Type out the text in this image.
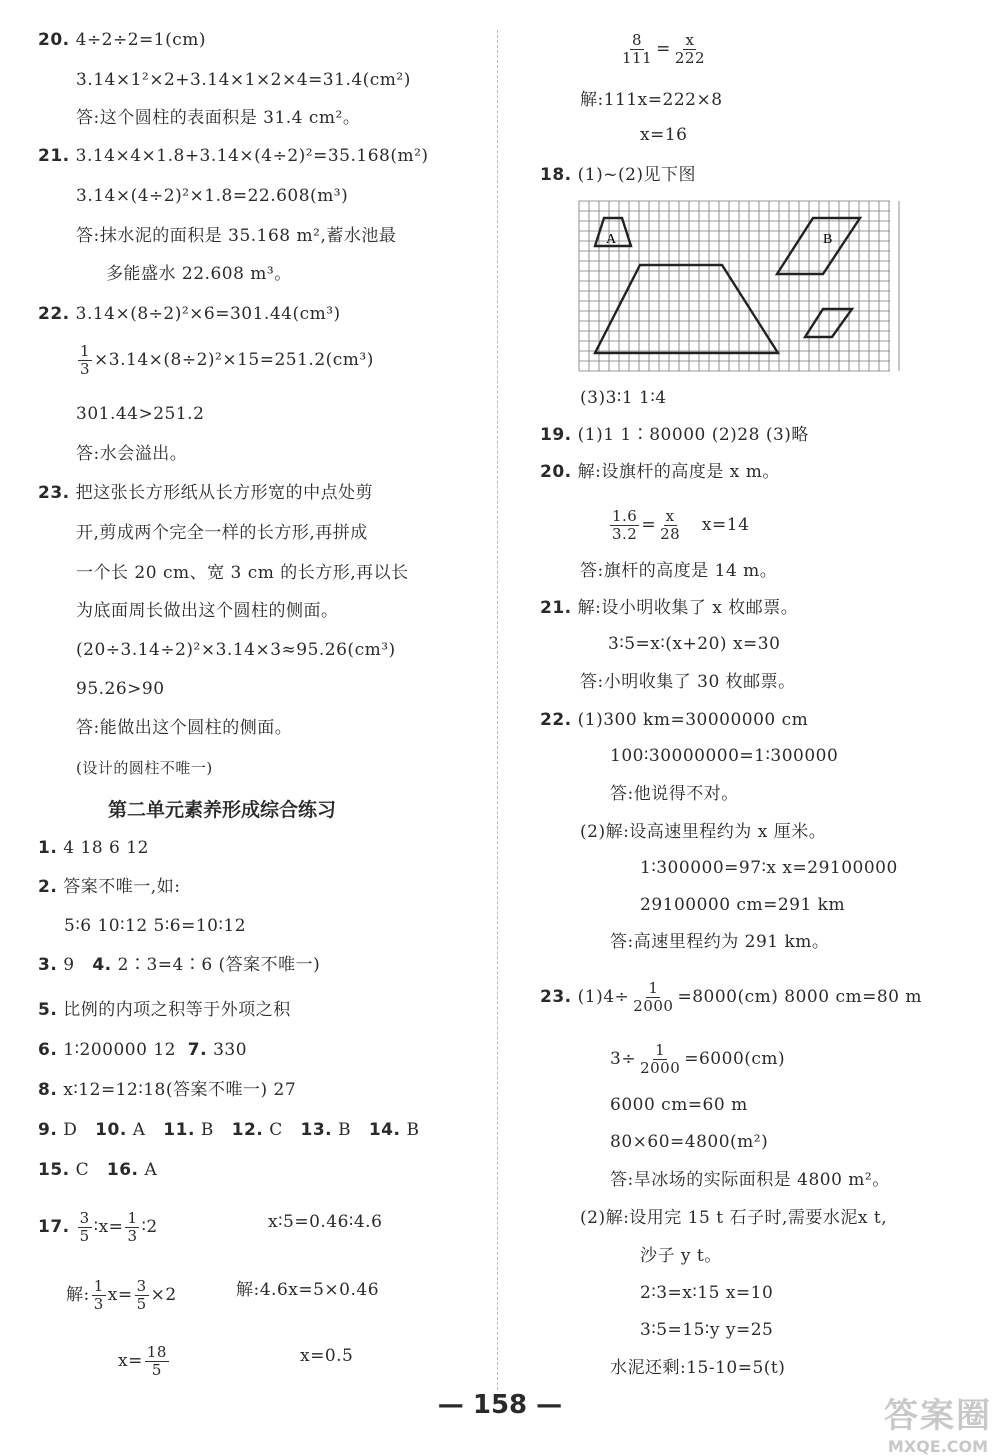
20. 4÷2÷2=1(cm)
3.14×1²×2+3.14×1×2×4=31.4(cm²)
答:这个圆柱的表面积是 31.4 cm²。
21. 3.14×4×1.8+3.14×(4÷2)²=35.168(m²)
3.14×(4÷2)²×1.8=22.608(m³)
答:抹水泥的面积是 35.168 m²,蓄水池最
多能盛水 22.608 m³。
22. 3.14×(8÷2)²×6=301.44(cm³)
$\frac{1}{3} \times 3.14\times(8\div 2)^2\times 15=251.2(cm^3)$
301.44>251.2
答:水会溢出。
23. 把这张长方形纸从长方形宽的中点处剪
开,剪成两个完全一样的长方形,再拼成
一个长 20 cm、宽 3 cm 的长方形,再以长
为底面周长做出这个圆柱的侧面。
(20÷3.14÷2)²×3.14×3≈95.26(cm³)
95.26>90
答:能做出这个圆柱的侧面。
(设计的圆柱不唯一)
第二单元素养形成综合练习
1. 4 18 6 12
2. 答案不唯一,如:
5∶6 10∶12 5∶6=10∶12
3. 9 4. 2∶3=4∶6 (答案不唯一)
5. 比例的内项之积等于外项之积
6. 1∶200000 12 7. 330
8. x∶12=12∶18(答案不唯一) 27
9. D 10. A 11. B 12. C 13. B 14. B
15. C 16. A
17. $\frac{3}{5}$ ∶x= $\frac{1}{3}$ ∶2	x∶5=0.46∶4.6
解: $\frac{1}{3} x= \frac{3}{5} \times 2$	解:4.6x=5×0.46
$x= \frac{18}{5}$	x=0.5
$\frac{8}{111} = \frac{x}{222}$
解:111x=222×8
x=16
18. (1)~(2)见下图
A	B
(3)3∶1 1∶4
19. (1)1 1∶80000 (2)28 (3)略
20. 解:设旗杆的高度是 x m。
$\frac{1.6}{3.2} = \frac{x}{28} x=14$
答:旗杆的高度是 14 m。
21. 解:设小明收集了 x 枚邮票。
3∶5=x∶(x+20) x=30
答:小明收集了 30 枚邮票。
22. (1)300 km=30000000 cm
100∶30000000=1∶300000
答:他说得不对。
(2)解:设高速里程约为 x 厘米。
1∶300000=97∶x x=29100000
29100000 cm=291 km
答:高速里程约为 291 km。
23. $(1)4\div \frac{1}{2000} =8000(cm)$ 8000 cm=80 m
$3\div \frac{1}{2000} =6000(cm)$
6000 cm=60 m
80×60=4800(m²)
答:旱冰场的实际面积是 4800 m²。
(2)解:设用完 15 t 石子时,需要水泥x t,
沙子 y t。
2∶3=x∶15 x=10
3∶5=15∶y y=25
水泥还剩:15-10=5(t)
— 158 —	答案圈
MXQE.COM
